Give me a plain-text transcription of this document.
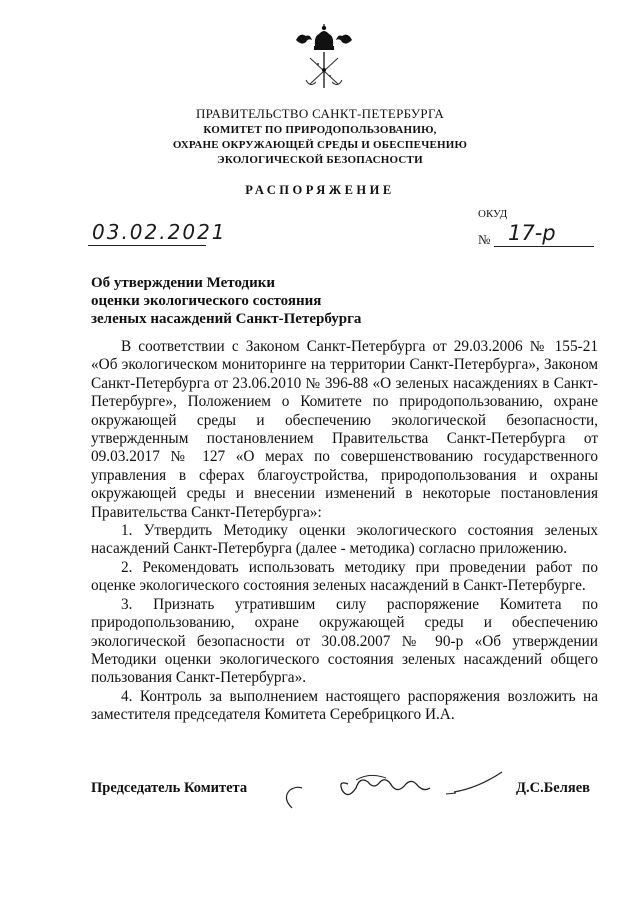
ПРАВИТЕЛЬСТВО САНКТ-ПЕТЕРБУРГА
КОМИТЕТ ПО ПРИРОДОПОЛЬЗОВАНИЮ,
ОХРАНЕ ОКРУЖАЮЩЕЙ СРЕДЫ И ОБЕСПЕЧЕНИЮ
ЭКОЛОГИЧЕСКОЙ БЕЗОПАСНОСТИ
РАСПОРЯЖЕНИЕ
03.02.2021
ОКУД
№ 17-р
Об утверждении Методики
оценки экологического состояния
зеленых насаждений Санкт-Петербурга

В соответствии с Законом Санкт-Петербурга от 29.03.2006 № 155-21 «Об экологическом мониторинге на территории Санкт-Петербурга», Законом Санкт-Петербурга от 23.06.2010 № 396-88 «О зеленых насаждениях в Санкт-Петербурге», Положением о Комитете по природопользованию, охране окружающей среды и обеспечению экологической безопасности, утвержденным постановлением Правительства Санкт-Петербурга от 09.03.2017 № 127 «О мерах по совершенствованию государственного управления в сферах благоустройства, природопользования и охраны окружающей среды и внесении изменений в некоторые постановления Правительства Санкт-Петербурга»:

1. Утвердить Методику оценки экологического состояния зеленых насаждений Санкт-Петербурга (далее - методика) согласно приложению.

2. Рекомендовать использовать методику при проведении работ по оценке экологического состояния зеленых насаждений в Санкт-Петербурге.

3. Признать утратившим силу распоряжение Комитета по природопользованию, охране окружающей среды и обеспечению экологической безопасности от 30.08.2007 № 90-р «Об утверждении Методики оценки экологического состояния зеленых насаждений общего пользования Санкт-Петербурга».

4. Контроль за выполнением настоящего распоряжения возложить на заместителя председателя Комитета Серебрицкого И.А.

Председатель Комитета	Д.С.Беляев
